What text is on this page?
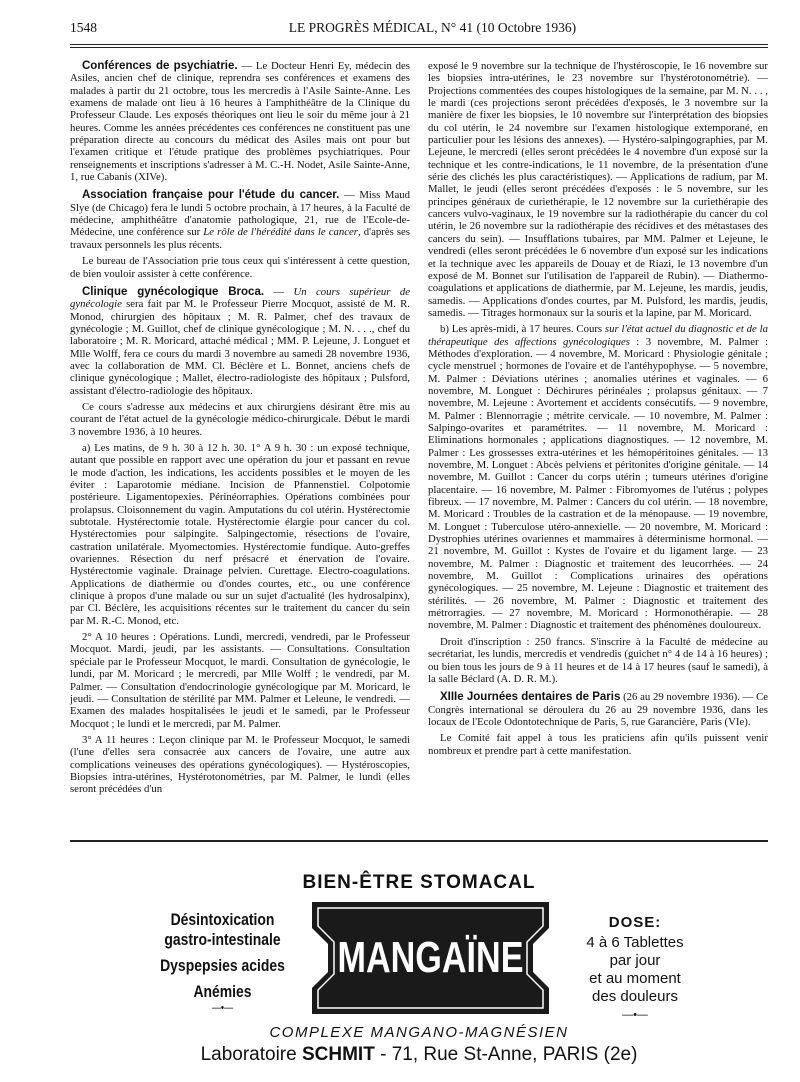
1548	LE PROGRÈS MÉDICAL, N° 41 (10 Octobre 1936)

Conférences de psychiatrie. — Le Docteur Henri Ey, médecin des Asiles, ancien chef de clinique, reprendra ses conférences et examens des malades à partir du 21 octobre, tous les mercredis à l'Asile Sainte-Anne. Les examens de malade ont lieu à 16 heures à l'amphithéâtre de la Clinique du Professeur Claude. Les exposés théoriques ont lieu le soir du même jour à 21 heures. Comme les années précédentes ces conférences ne constituent pas une préparation directe au concours du médicat des Asiles mais ont pour but l'examen critique et l'étude pratique des problèmes psychiatriques. Pour renseignements et inscriptions s'adresser à M. C.-H. Nodet, Asile Sainte-Anne, 1, rue Cabanis (XIVe).

Association française pour l'étude du cancer. — Miss Maud Slye (de Chicago) fera le lundi 5 octobre prochain, à 17 heures, à la Faculté de médecine, amphithéâtre d'anatomie pathologique, 21, rue de l'Ecole-de-Médecine, une conférence sur Le rôle de l'hérédité dans le cancer, d'après ses travaux personnels les plus récents.

Le bureau de l'Association prie tous ceux qui s'intéressent à cette question, de bien vouloir assister à cette conférence.

Clinique gynécologique Broca. — Un cours supérieur de gynécologie sera fait par M. le Professeur Pierre Mocquot, assisté de M. R. Monod, chirurgien des hôpitaux ; M. R. Palmer, chef des travaux de gynécologie ; M. Guillot, chef de clinique gynécologique ; M. N. . . ., chef du laboratoire ; M. R. Moricard, attaché médical ; MM. P. Lejeune, J. Longuet et Mlle Wolff, fera ce cours du mardi 3 novembre au samedi 28 novembre 1936, avec la collaboration de MM. Cl. Béclère et L. Bonnet, anciens chefs de clinique gynécologique ; Mallet, électro-radiologiste des hôpitaux ; Pulsford, assistant d'électro-radiologie des hôpitaux.

Ce cours s'adresse aux médecins et aux chirurgiens désirant être mis au courant de l'état actuel de la gynécologie médico-chirurgicale. Début le mardi 3 novembre 1936, à 10 heures.

a) Les matins, de 9 h. 30 à 12 h. 30. 1° A 9 h. 30 : un exposé technique, autant que possible en rapport avec une opération du jour et passant en revue le mode d'action, les indications, les accidents possibles et le moyen de les éviter : Laparotomie médiane. Incision de Pfannenstiel. Colpotomie postérieure. Ligamentopexies. Périnéorraphies. Opérations combinées pour prolapsus. Cloisonnement du vagin. Amputations du col utérin. Hystérectomie subtotale. Hystérectomie totale. Hystérectomie élargie pour cancer du col. Hystérectomies pour salpingite. Salpingectomie, résections de l'ovaire, castration unilatérale. Myomectomies. Hystérectomie fundique. Auto-greffes ovariennes. Résection du nerf présacré et énervation de l'ovaire. Hystérectomie vaginale. Drainage pelvien. Curettage. Electro-coagulations. Applications de diathermie ou d'ondes courtes, etc., ou une conférence clinique à propos d'une malade ou sur un sujet d'actualité (les hydrosalpinx), par Cl. Béclère, les acquisitions récentes sur le traitement du cancer du sein par M. R.-C. Monod, etc.

2° A 10 heures : Opérations. Lundi, mercredi, vendredi, par le Professeur Mocquot. Mardi, jeudi, par les assistants. — Consultations. Consultation spéciale par le Professeur Mocquot, le mardi. Consultation de gynécologie, le lundi, par M. Moricard ; le mercredi, par Mlle Wolff ; le vendredi, par M. Palmer. — Consultation d'endocrinologie gynécologique par M. Moricard, le jeudi. — Consultation de stérilité par MM. Palmer et Leleune, le vendredi. — Examen des malades hospitalisées le jeudi et le samedi, par le Professeur Mocquot ; le lundi et le mercredi, par M. Palmer.

3° A 11 heures : Leçon clinique par M. le Professeur Mocquot, le samedi (l'une d'elles sera consacrée aux cancers de l'ovaire, une autre aux complications veineuses des opérations gynécologiques). — Hystéroscopies, Biopsies intra-utérines, Hystérotonométries, par M. Palmer, le lundi (elles seront précédées d'un

exposé le 9 novembre sur la technique de l'hystéroscopie, le 16 novembre sur les biopsies intra-utérines, le 23 novembre sur l'hystérotonométrie). — Projections commentées des coupes histologiques de la semaine, par M. N. . . , le mardi (ces projections seront précédées d'exposés, le 3 novembre sur la manière de fixer les biopsies, le 10 novembre sur l'interprétation des biopsies du col utérin, le 24 novembre sur l'examen histologique extemporané, en particulier pour les lésions des annexes). — Hystéro-salpingographies, par M. Lejeune, le mercredi (elles seront précédées le 4 novembre d'un exposé sur la technique et les contre-indications, le 11 novembre, de la présentation d'une série des clichés les plus caractéristiques). — Applications de radium, par M. Mallet, le jeudi (elles seront précédées d'exposés : le 5 novembre, sur les principes généraux de curiethérapie, le 12 novembre sur la curiethérapie des cancers vulvo-vaginaux, le 19 novembre sur la radiothérapie du cancer du col utérin, le 26 novembre sur la radiothérapie des récidives et des métastases des cancers du sein). — Insufflations tubaires, par MM. Palmer et Lejeune, le vendredi (elles seront précédées le 6 novembre d'un exposé sur les indications et la technique avec les appareils de Douay et de Riazi, le 13 novembre d'un exposé de M. Bonnet sur l'utilisation de l'appareil de Rubin). — Diathermo-coagulations et applications de diathermie, par M. Lejeune, les mardis, jeudis, samedis. — Applications d'ondes courtes, par M. Pulsford, les mardis, jeudis, samedis. — Titrages hormonaux sur la souris et la lapine, par M. Moricard.

b) Les après-midi, à 17 heures. Cours sur l'état actuel du diagnostic et de la thérapeutique des affections gynécologiques : 3 novembre, M. Palmer : Méthodes d'exploration. — 4 novembre, M. Moricard : Physiologie génitale ; cycle menstruel ; hormones de l'ovaire et de l'antéhypophyse. — 5 novembre, M. Palmer : Déviations utérines ; anomalies utérines et vaginales. — 6 novembre, M. Longuet : Déchirures périnéales ; prolapsus génitaux. — 7 novembre, M. Lejeune : Avortement et accidents consécutifs. — 9 novembre, M. Palmer : Blennorragie ; métrite cervicale. — 10 novembre, M. Palmer : Salpingo-ovarites et paramétrites. — 11 novembre, M. Moricard : Eliminations hormonales ; applications diagnostiques. — 12 novembre, M. Palmer : Les grossesses extra-utérines et les hémopéritoines génitales. — 13 novembre, M. Longuet : Abcès pelviens et péritonites d'origine génitale. — 14 novembre, M. Guillot : Cancer du corps utérin ; tumeurs utérines d'origine placentaire. — 16 novembre, M. Palmer : Fibromyomes de l'utérus ; polypes fibreux. — 17 novembre, M. Palmer : Cancers du col utérin. — 18 novembre, M. Moricard : Troubles de la castration et de la ménopause. — 19 novembre, M. Longuet : Tuberculose utéro-annexielle. — 20 novembre, M. Moricard : Dystrophies utérines ovariennes et mammaires à déterminisme hormonal. — 21 novembre, M. Guillot : Kystes de l'ovaire et du ligament large. — 23 novembre, M. Palmer : Diagnostic et traitement des leucorrhées. — 24 novembre, M. Guillot : Complications urinaires des opérations gynécologiques. — 25 novembre, M. Lejeune : Diagnostic et traitement des stérilités. — 26 novembre, M. Palmer : Diagnostic et traitement des métrorragies. — 27 novembre, M. Moricard : Hormonothérapie. — 28 novembre, M. Palmer : Diagnostic et traitement des phénomènes douloureux.

Droit d'inscription : 250 francs. S'inscrire à la Faculté de médecine au secrétariat, les lundis, mercredis et vendredis (guichet n° 4 de 14 à 16 heures) ; ou bien tous les jours de 9 à 11 heures et de 14 à 17 heures (sauf le samedi), à la salle Béclard (A. D. R. M.).

XIIIe Journées dentaires de Paris (26 au 29 novembre 1936). — Ce Congrès international se déroulera du 26 au 29 novembre 1936, dans les locaux de l'Ecole Odontotechnique de Paris, 5, rue Garancière, Paris (VIe).

Le Comité fait appel à tous les praticiens afin qu'ils puissent venir nombreux et prendre part à cette manifestation.

BIEN-ÊTRE STOMACAL
Désintoxication
gastro-intestinale
Dyspepsies acides
Anémies
—•—
MANGAÏNE
DOSE:
4 à 6 Tablettes
par jour
et au moment
des douleurs
—•—
COMPLEXE MANGANO-MAGNÉSIEN
Laboratoire SCHMIT - 71, Rue St-Anne, PARIS (2e)
